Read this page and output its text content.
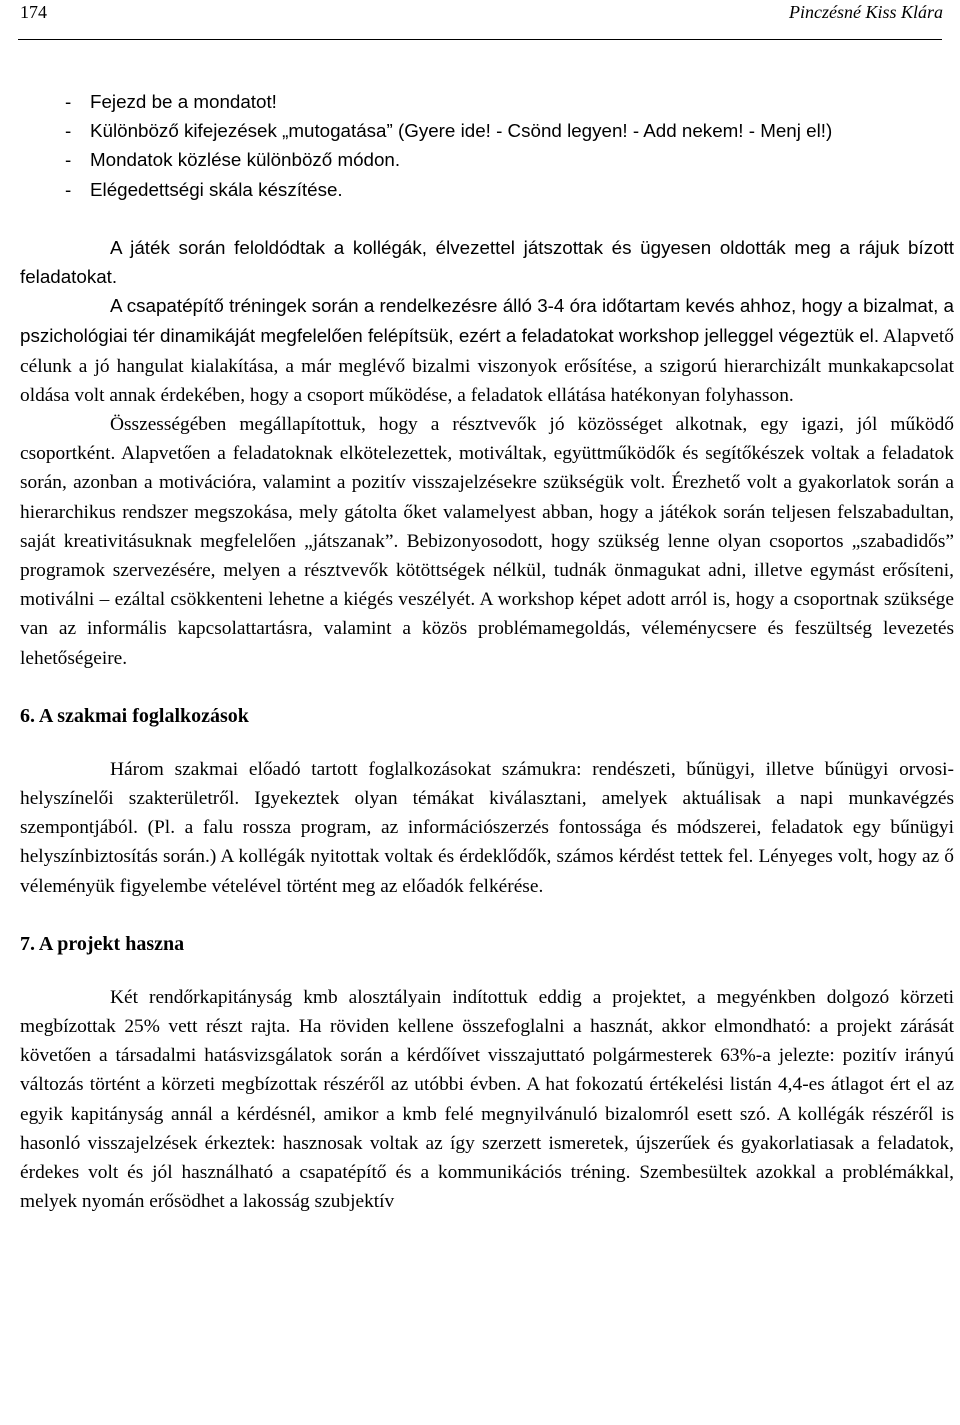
174	Pinczésné Kiss Klára
- Fejezd be a mondatot!
- Különböző kifejezések „mutogatása” (Gyere ide! - Csönd legyen! - Add nekem! - Menj el!)
- Mondatok közlése különböző módon.
- Elégedettségi skála készítése.

A játék során feloldódtak a kollégák, élvezettel játszottak és ügyesen oldották meg a rájuk bízott feladatokat.

A csapatépítő tréningek során a rendelkezésre álló 3-4 óra időtartam kevés ahhoz, hogy a bizalmat, a pszichológiai tér dinamikáját megfelelően felépítsük, ezért a feladatokat workshop jelleggel végeztük el. Alapvető célunk a jó hangulat kialakítása, a már meglévő bizalmi viszonyok erősítése, a szigorú hierarchizált munkakapcsolat oldása volt annak érdekében, hogy a csoport működése, a feladatok ellátása hatékonyan folyhasson.

Összességében megállapítottuk, hogy a résztvevők jó közösséget alkotnak, egy igazi, jól működő csoportként. Alapvetően a feladatoknak elkötelezettek, motiváltak, együttműködők és segítőkészek voltak a feladatok során, azonban a motivációra, valamint a pozitív visszajelzésekre szükségük volt. Érezhető volt a gyakorlatok során a hierarchikus rendszer megszokása, mely gátolta őket valamelyest abban, hogy a játékok során teljesen felszabadultan, saját kreativitásuknak megfelelően „játszanak”. Bebizonyosodott, hogy szükség lenne olyan csoportos „szabadidős” programok szervezésére, melyen a résztvevők kötöttségek nélkül, tudnák önmagukat adni, illetve egymást erősíteni, motiválni – ezáltal csökkenteni lehetne a kiégés veszélyét. A workshop képet adott arról is, hogy a csoportnak szüksége van az informális kapcsolattartásra, valamint a közös problémamegoldás, véleménycsere és feszültség levezetés lehetőségeire.

6. A szakmai foglalkozások

Három szakmai előadó tartott foglalkozásokat számukra: rendészeti, bűnügyi, illetve bűnügyi orvosi-helyszínelői szakterületről. Igyekeztek olyan témákat kiválasztani, amelyek aktuálisak a napi munkavégzés szempontjából. (Pl. a falu rossza program, az információszerzés fontossága és módszerei, feladatok egy bűnügyi helyszínbiztosítás során.) A kollégák nyitottak voltak és érdeklődők, számos kérdést tettek fel. Lényeges volt, hogy az ő véleményük figyelembe vételével történt meg az előadók felkérése.

7. A projekt haszna

Két rendőrkapitányság kmb alosztályain indítottuk eddig a projektet, a megyénkben dolgozó körzeti megbízottak 25% vett részt rajta. Ha röviden kellene összefoglalni a hasznát, akkor elmondható: a projekt zárását követően a társadalmi hatásvizsgálatok során a kérdőívet visszajuttató polgármesterek 63%-a jelezte: pozitív irányú változás történt a körzeti megbízottak részéről az utóbbi évben. A hat fokozatú értékelési listán 4,4-es átlagot ért el az egyik kapitányság annál a kérdésnél, amikor a kmb felé megnyilvánuló bizalomról esett szó. A kollégák részéről is hasonló visszajelzések érkeztek: hasznosak voltak az így szerzett ismeretek, újszerűek és gyakorlatiasak a feladatok, érdekes volt és jól használható a csapatépítő és a kommunikációs tréning. Szembesültek azokkal a problémákkal, melyek nyomán erősödhet a lakosság szubjektív
